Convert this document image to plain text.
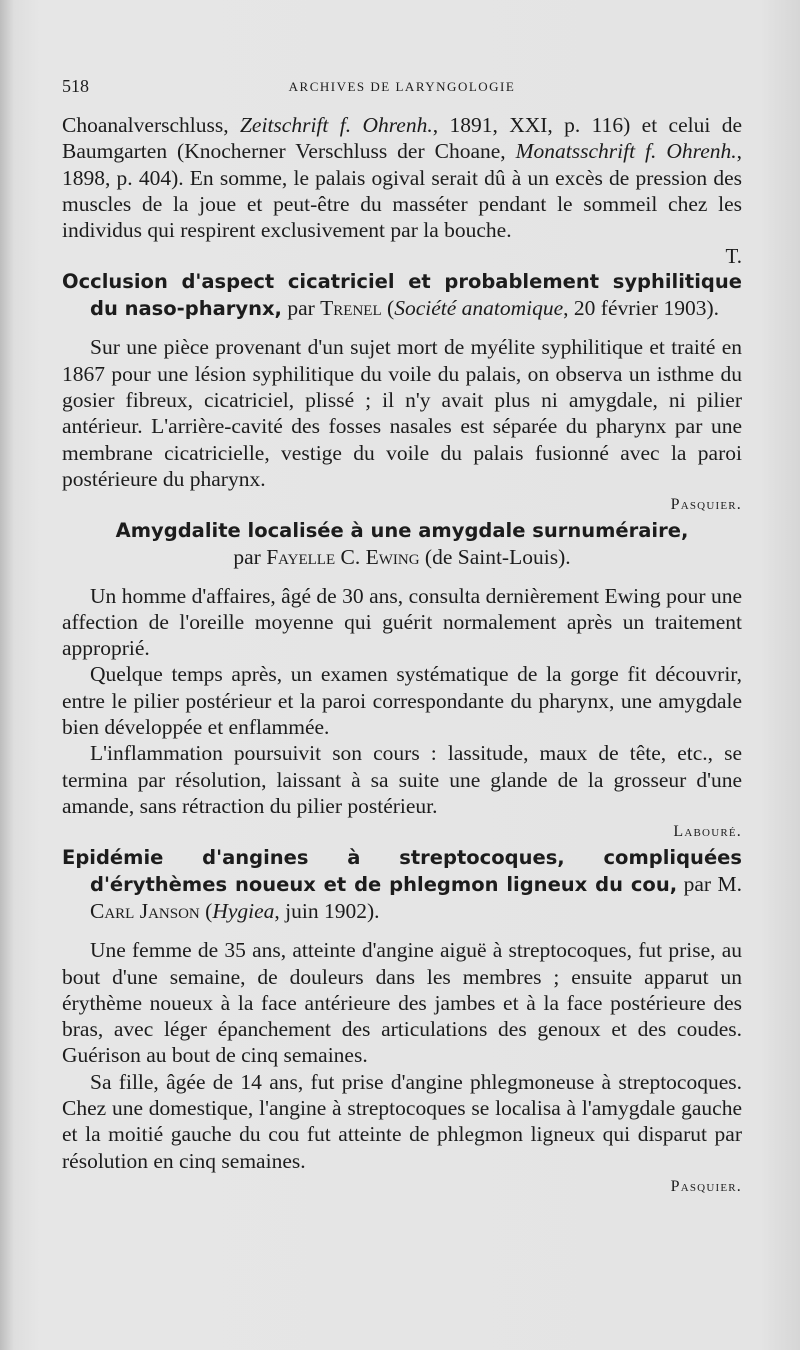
518	ARCHIVES DE LARYNGOLOGIE

Choanalverschluss, Zeitschrift f. Ohrenh., 1891, XXI, p. 116) et celui de Baumgarten (Knocherner Verschluss der Choane, Monatsschrift f. Ohrenh., 1898, p. 404). En somme, le palais ogival serait dû à un excès de pression des muscles de la joue et peut-être du masséter pendant le sommeil chez les individus qui respirent exclusivement par la bouche.

T.

Occlusion d'aspect cicatriciel et probablement syphilitique du naso-pharynx, par Trenel (Société anatomique, 20 février 1903).

Sur une pièce provenant d'un sujet mort de myélite syphilitique et traité en 1867 pour une lésion syphilitique du voile du palais, on observa un isthme du gosier fibreux, cicatriciel, plissé ; il n'y avait plus ni amygdale, ni pilier antérieur. L'arrière-cavité des fosses nasales est séparée du pharynx par une membrane cicatricielle, vestige du voile du palais fusionné avec la paroi postérieure du pharynx.

Pasquier.

Amygdalite localisée à une amygdale surnuméraire,

par Fayelle C. Ewing (de Saint-Louis).

Un homme d'affaires, âgé de 30 ans, consulta dernièrement Ewing pour une affection de l'oreille moyenne qui guérit normalement après un traitement approprié.

Quelque temps après, un examen systématique de la gorge fit découvrir, entre le pilier postérieur et la paroi correspondante du pharynx, une amygdale bien développée et enflammée.

L'inflammation poursuivit son cours : lassitude, maux de tête, etc., se termina par résolution, laissant à sa suite une glande de la grosseur d'une amande, sans rétraction du pilier postérieur.

Labouré.

Epidémie d'angines à streptocoques, compliquées d'érythèmes noueux et de phlegmon ligneux du cou, par M. Carl Janson (Hygiea, juin 1902).

Une femme de 35 ans, atteinte d'angine aiguë à streptocoques, fut prise, au bout d'une semaine, de douleurs dans les membres ; ensuite apparut un érythème noueux à la face antérieure des jambes et à la face postérieure des bras, avec léger épanchement des articulations des genoux et des coudes. Guérison au bout de cinq semaines.

Sa fille, âgée de 14 ans, fut prise d'angine phlegmoneuse à streptocoques. Chez une domestique, l'angine à streptocoques se localisa à l'amygdale gauche et la moitié gauche du cou fut atteinte de phlegmon ligneux qui disparut par résolution en cinq semaines.

Pasquier.
